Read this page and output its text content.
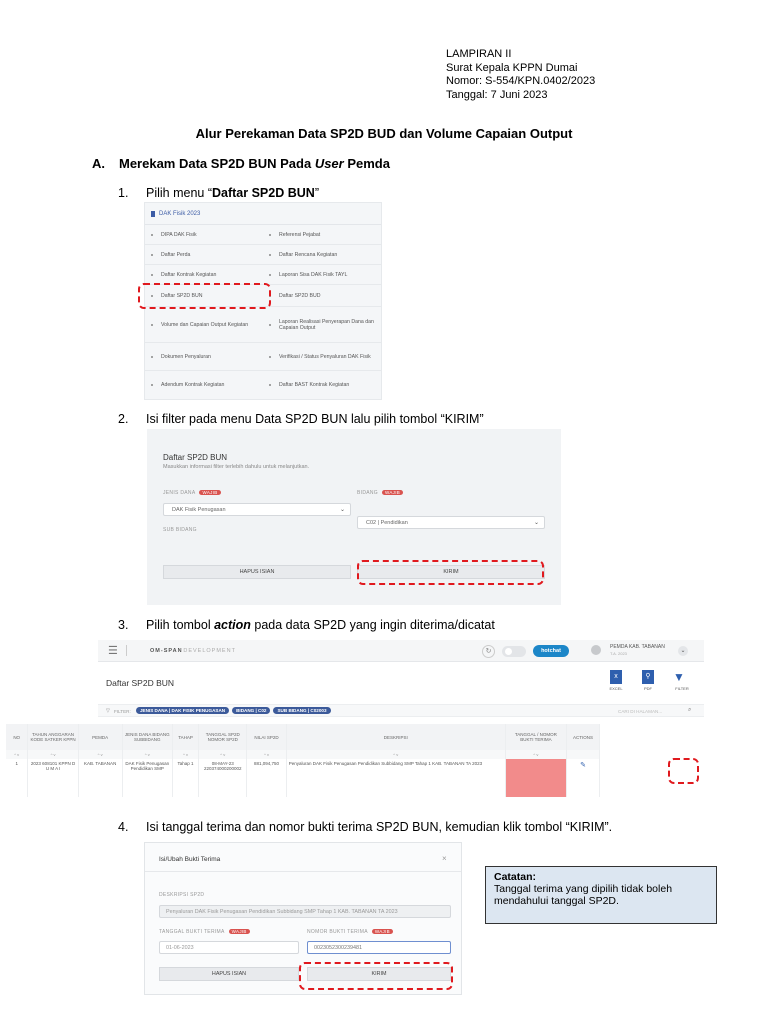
LAMPIRAN II
Surat Kepala KPPN Dumai
Nomor: S-554/KPN.0402/2023
Tanggal: 7 Juni 2023
Alur Perekaman Data SP2D BUD dan Volume Capaian Output
A. Merekam Data SP2D BUN Pada User Pemda
1. Pilih menu “Daftar SP2D BUN”
DAK Fisik 2023
DIPA DAK Fisik	Referensi Pejabat
Daftar Perda	Daftar Rencana Kegiatan
Daftar Kontrak Kegiatan	Laporan Sisa DAK Fisik TAYL
Daftar SP2D BUN	Daftar SP2D BUD
Volume dan Capaian Output Kegiatan	Laporan Realisasi Penyerapan Dana dan Capaian Output
Dokumen Penyaluran	Verifikasi / Status Penyaluran DAK Fisik
Adendum Kontrak Kegiatan	Daftar BAST Kontrak Kegiatan
2. Isi filter pada menu Data SP2D BUN lalu pilih tombol “KIRIM”
Daftar SP2D BUN
Masukkan informasi filter terlebih dahulu untuk melanjutkan.
JENIS DANA WAJIB
DAK Fisik Penugasan	⌄
BIDANG WAJIB
C02 | Pendidikan	⌄
SUB BIDANG
HAPUS ISIAN	KIRIM
3. Pilih tombol action pada data SP2D yang ingin diterima/dicatat
☰	OM-SPAN
- DEVELOPMENT	↻	hotchat
PEMDA KAB. TABANAN
T.A. 2023	⌄
Daftar SP2D BUN
x
EXCEL
⚲
PDF
▼
FILTER
▽ FILTER:	JENIS DANA | DAK FISIK PENUGASAN BIDANG | C02 SUB BIDANG | C02003	CARI DI HALAMAN...	⌕
NO	TAHUN ANGGARAN KODE SATKER KPPN	PEMDA	JENIS DANA BIDANG SUBBIDANG	TAHAP	TANGGAL SP2D NOMOR SP2D	NILAI SP2D	DESKRIPSI	TANGGAL / NOMOR BUKTI TERIMA	ACTIONS
^ v	^ v	^ v	^ v	^ v	^ v	^ v	^ v	^ v	
1	2023 608101 KPPN D U M A I	KAB. TABANAN	DAK Fisik Penugasan Pendidikan SMP	Tahap 1	08-MAY-23 220374000200002	881,094,750	Penyaluran DAK Fisik Penugasan Pendidikan Subbidang SMP Tahap 1 KAB. TABANAN TA 2023		✎
4. Isi tanggal terima dan nomor bukti terima SP2D BUN, kemudian klik tombol “KIRIM”.
Isi/Ubah Bukti Terima	×
DESKRIPSI SP2D
Penyaluran DAK Fisik Penugasan Pendidikan Subbidang SMP Tahap 1 KAB. TABANAN TA 2023
TANGGAL BUKTI TERIMA WAJIB
01-06-2023
NOMOR BUKTI TERIMA WAJIB
0023052300239481
HAPUS ISIAN	KIRIM
Catatan:
Tanggal terima yang dipilih tidak boleh mendahului tanggal SP2D.
